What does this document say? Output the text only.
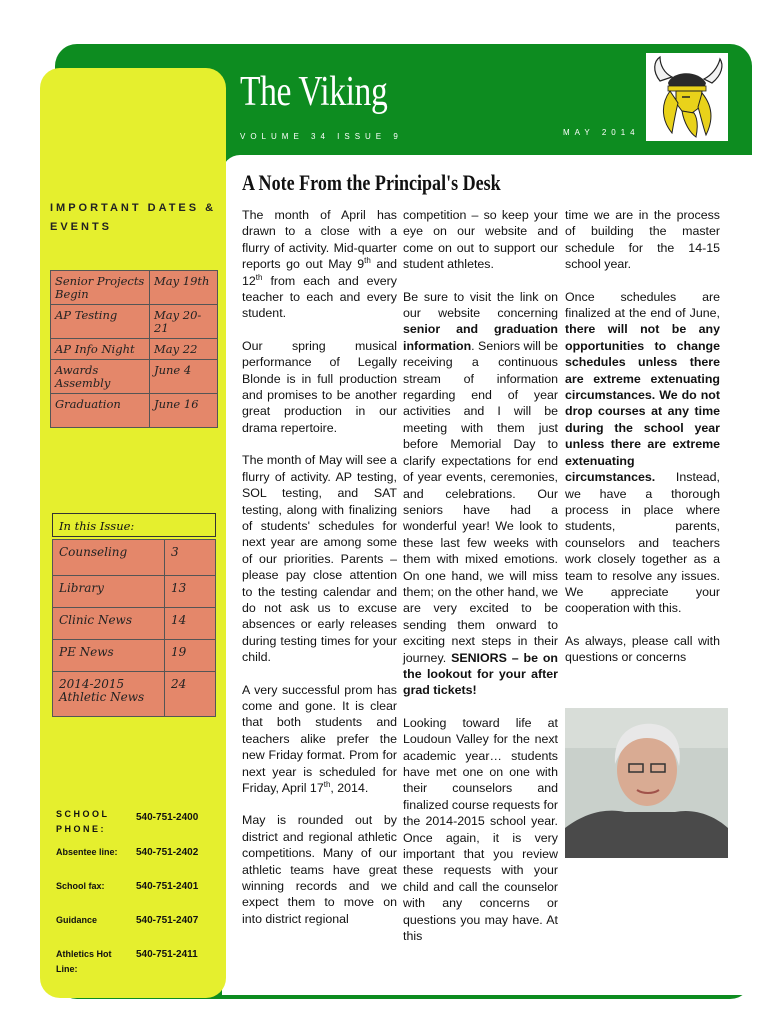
The Viking
VOLUME 34 ISSUE 9	MAY 2014
A Note From the Principal's Desk

The month of April has drawn to a close with a flurry of activity. Mid-quarter reports go out May 9th and 12th from each and every teacher to each and every student.

Our spring musical performance of Legally Blonde is in full production and promises to be another great production in our drama repertoire.

The month of May will see a flurry of activity. AP testing, SOL testing, and SAT testing, along with finalizing of students' schedules for next year are among some of our priorities. Parents – please pay close attention to the testing calendar and do not ask us to excuse absences or early releases during testing times for your child.

A very successful prom has come and gone. It is clear that both students and teachers alike prefer the new Friday format. Prom for next year is scheduled for Friday, April 17th, 2014.

May is rounded out by district and regional athletic competitions. Many of our athletic teams have great winning records and we expect them to move on into district regional

competition – so keep your eye on our website and come on out to support our student athletes.

Be sure to visit the link on our website concerning senior and graduation information. Seniors will be receiving a continuous stream of information regarding end of year activities and I will be meeting with them just before Memorial Day to clarify expectations for end of year events, ceremonies, and celebrations. Our seniors have had a wonderful year! We look to these last few weeks with them with mixed emotions. On one hand, we will miss them; on the other hand, we are very excited to be sending them onward to exciting next steps in their journey. SENIORS – be on the lookout for your after grad tickets!

Looking toward life at Loudoun Valley for the next academic year… students have met one on one with their counselors and finalized course requests for the 2014-2015 school year. Once again, it is very important that you review these requests with your child and call the counselor with any concerns or questions you may have. At this

time we are in the process of building the master schedule for the 14-15 school year.

Once schedules are finalized at the end of June, there will not be any opportunities to change schedules unless there are extreme extenuating circumstances. We do not drop courses at any time during the school year unless there are extreme extenuating circumstances. Instead, we have a thorough process in place where students, parents, counselors and teachers work closely together as a team to resolve any issues. We appreciate your cooperation with this.

As always, please call with questions or concerns

IMPORTANT DATES & EVENTS
Senior Projects Begin	May 19th
AP Testing	May 20-21
AP Info Night	May 22
Awards Assembly	June 4
Graduation	June 16
In this Issue:
Counseling	3
Library	13
Clinic News	14
PE News	19
2014-2015 Athletic News	24
SCHOOL PHONE:
540-751-2400
Absentee line:	540-751-2402
School fax:	540-751-2401
Guidance	540-751-2407
Athletics Hot Line:
540-751-2411
